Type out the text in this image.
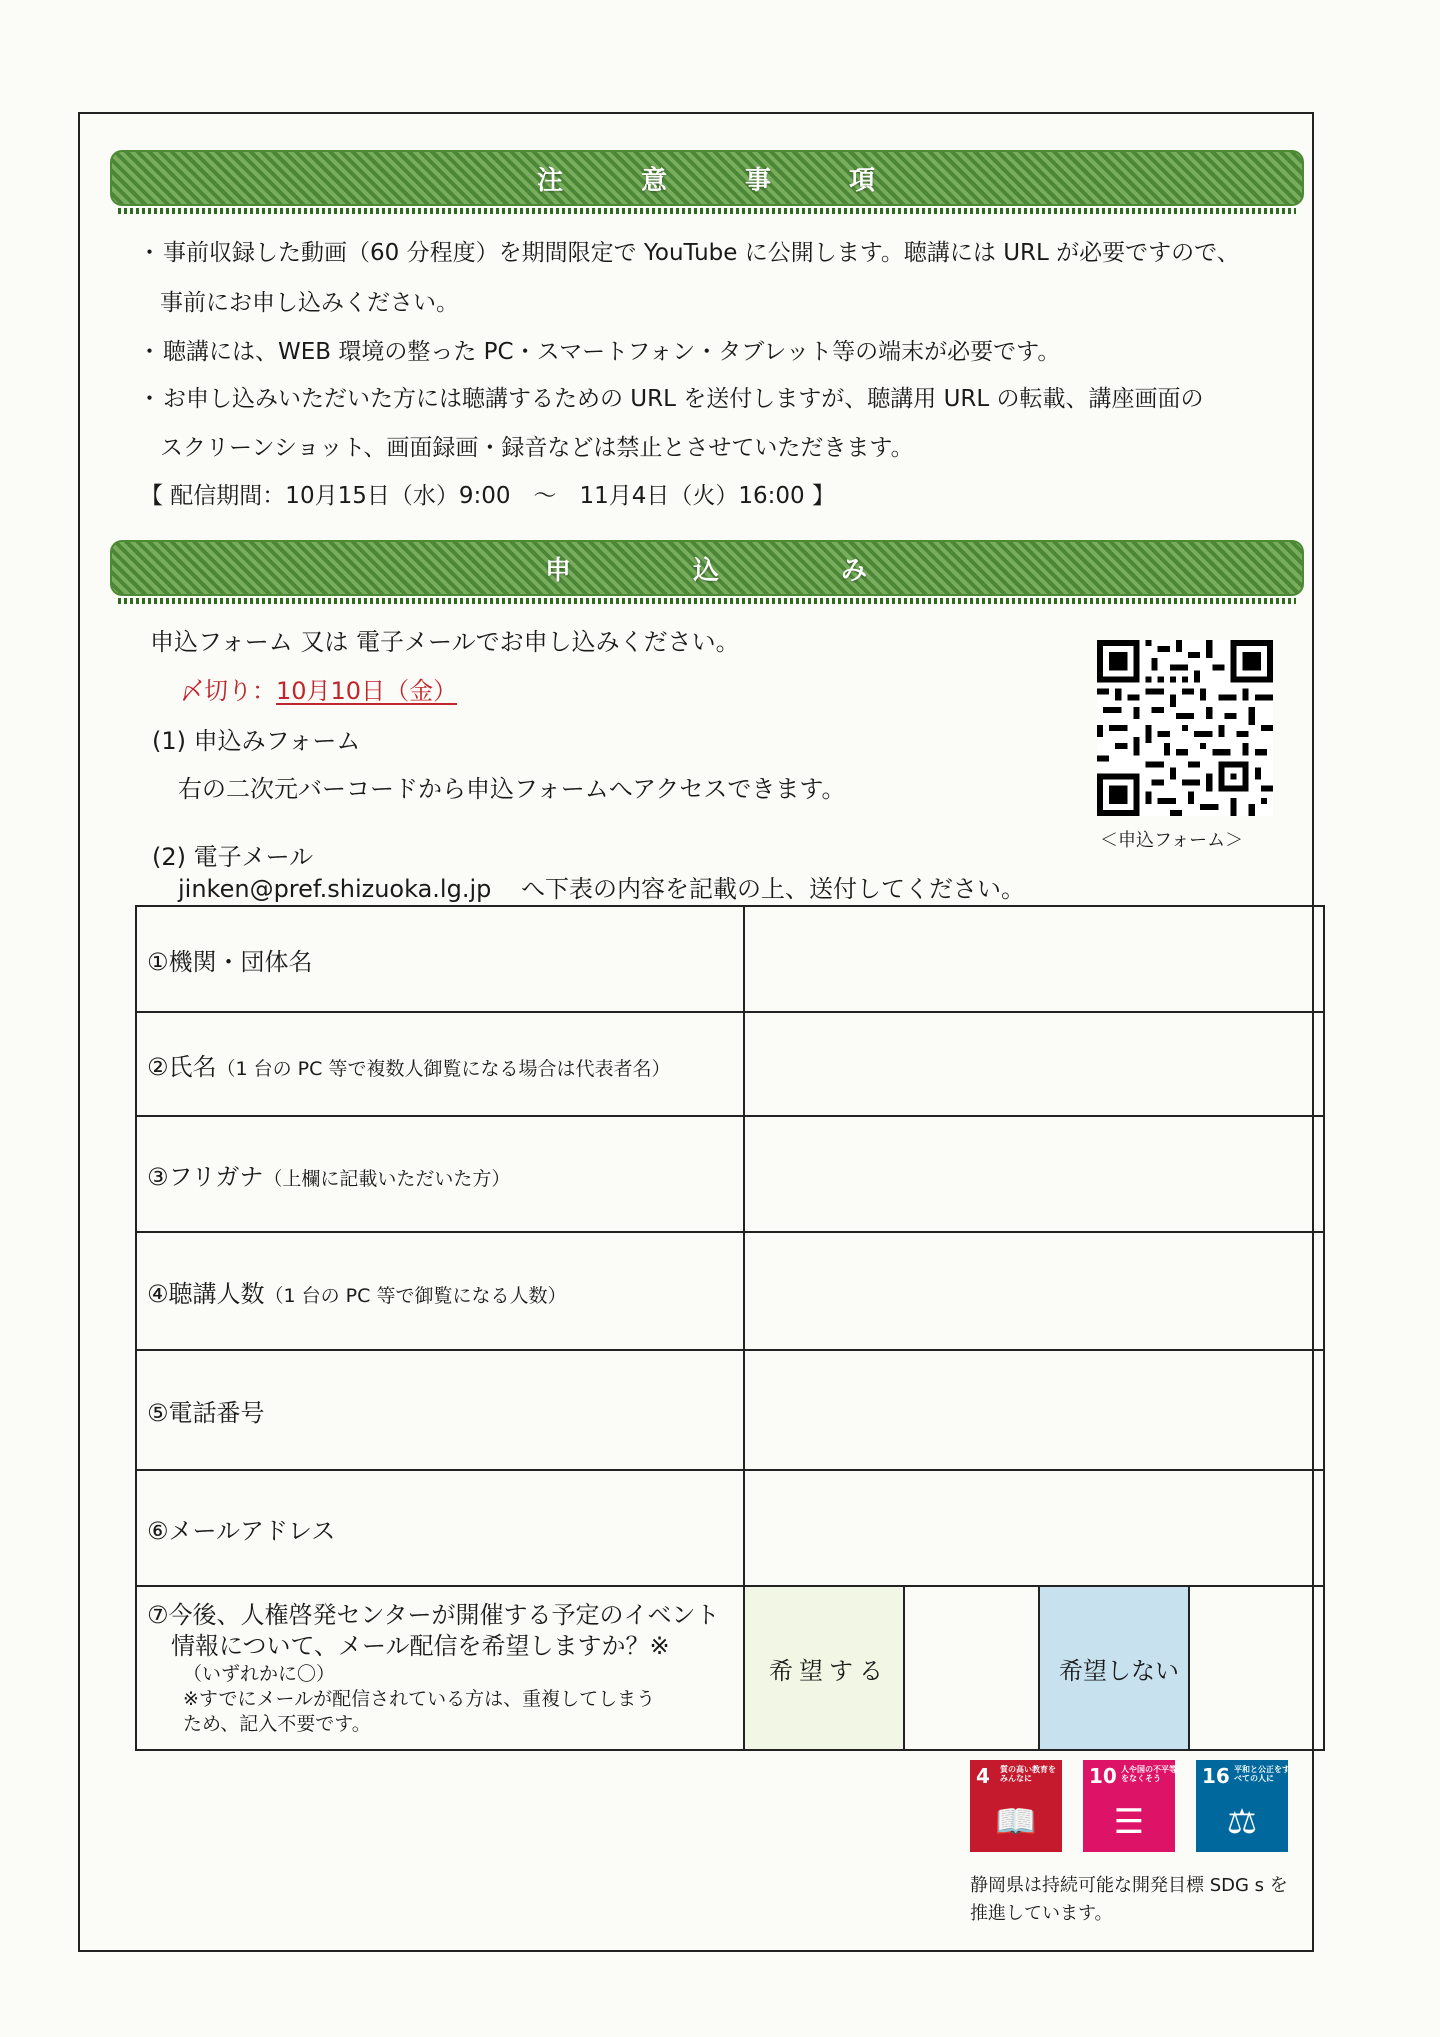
注	意	事	項
・ 事前収録した動画（60 分程度）を期間限定で YouTube に公開します。聴講には URL が必要ですので、
事前にお申し込みください。
・ 聴講には、WEB 環境の整った PC・スマートフォン・タブレット等の端末が必要です。
・ お申し込みいただいた方には聴講するための URL を送付しますが、聴講用 URL の転載、講座画面の
スクリーンショット、画面録画・録音などは禁止とさせていただきます。
【 配信期間：10月15日（水）9:00　～　11月4日（火）16:00 】
申	込	み
申込フォーム 又は 電子メールでお申し込みください。
〆切り：10月10日（金）
(1) 申込みフォーム
右の二次元バーコードから申込フォームへアクセスできます。
(2) 電子メール
jinken@pref.shizuoka.lg.jp へ下表の内容を記載の上、送付してください。
＜申込フォーム＞
①機関・団体名				
②氏名（1 台の PC 等で複数人御覧になる場合は代表者名）				
③フリガナ（上欄に記載いただいた方）				
④聴講人数（1 台の PC 等で御覧になる人数）				
⑤電話番号				
⑥メールアドレス				

⑦今後、人権啓発センターが開催する予定のイベント
情報について、メール配信を希望しますか？※
（いずれかに〇）
※すでにメールが配信されている方は、重複してしまう
ため、記入不要です。	希望する		希望しない	
4 質の高い教育をみんなに
📖
10 人や国の不平等をなくそう
☰
16 平和と公正をすべての人に
⚖
静岡県は持続可能な開発目標 SDG s を
推進しています。
